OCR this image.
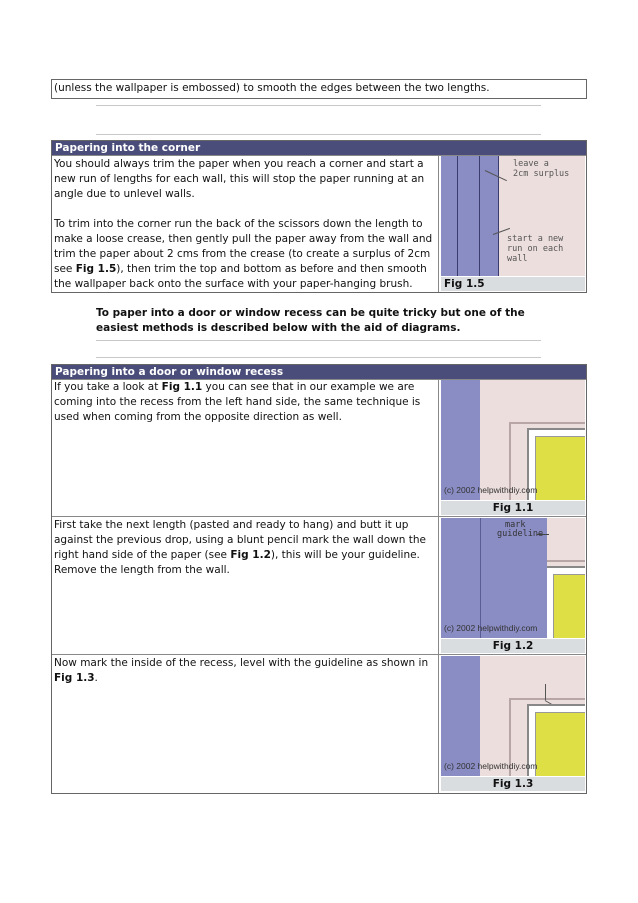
(unless the wallpaper is embossed) to smooth the edges between the two lengths.
Papering into the corner

You should always trim the paper when you reach a corner and start a new run of lengths for each wall, this will stop the paper running at an angle due to unlevel walls.

To trim into the corner run the back of the scissors down the length to make a loose crease, then gently pull the paper away from the wall and trim the paper about 2 cms from the crease (to create a surplus of 2cm see Fig 1.5), then trim the top and bottom as before and then smooth the wallpaper back onto the surface with your paper-hanging brush.

leave a
2cm surplus
start a new
run on each wall
Fig 1.5
To paper into a door or window recess can be quite tricky but one of the
easiest methods is described below with the aid of diagrams.
Papering into a door or window recess
If you take a look at Fig 1.1 you can see that in our example we are coming into the recess from the left hand side, the same technique is used when coming from the opposite direction as well.
(c) 2002 helpwithdiy.com
Fig 1.1
First take the next length (pasted and ready to hang) and butt it up against the previous drop, using a blunt pencil mark the wall down the right hand side of the paper (see Fig 1.2), this will be your guideline. Remove the length from the wall.
mark
guideline
(c) 2002 helpwithdiy.com
Fig 1.2
Now mark the inside of the recess, level with the guideline as shown in Fig 1.3.
(c) 2002 helpwithdiy.com
Fig 1.3
